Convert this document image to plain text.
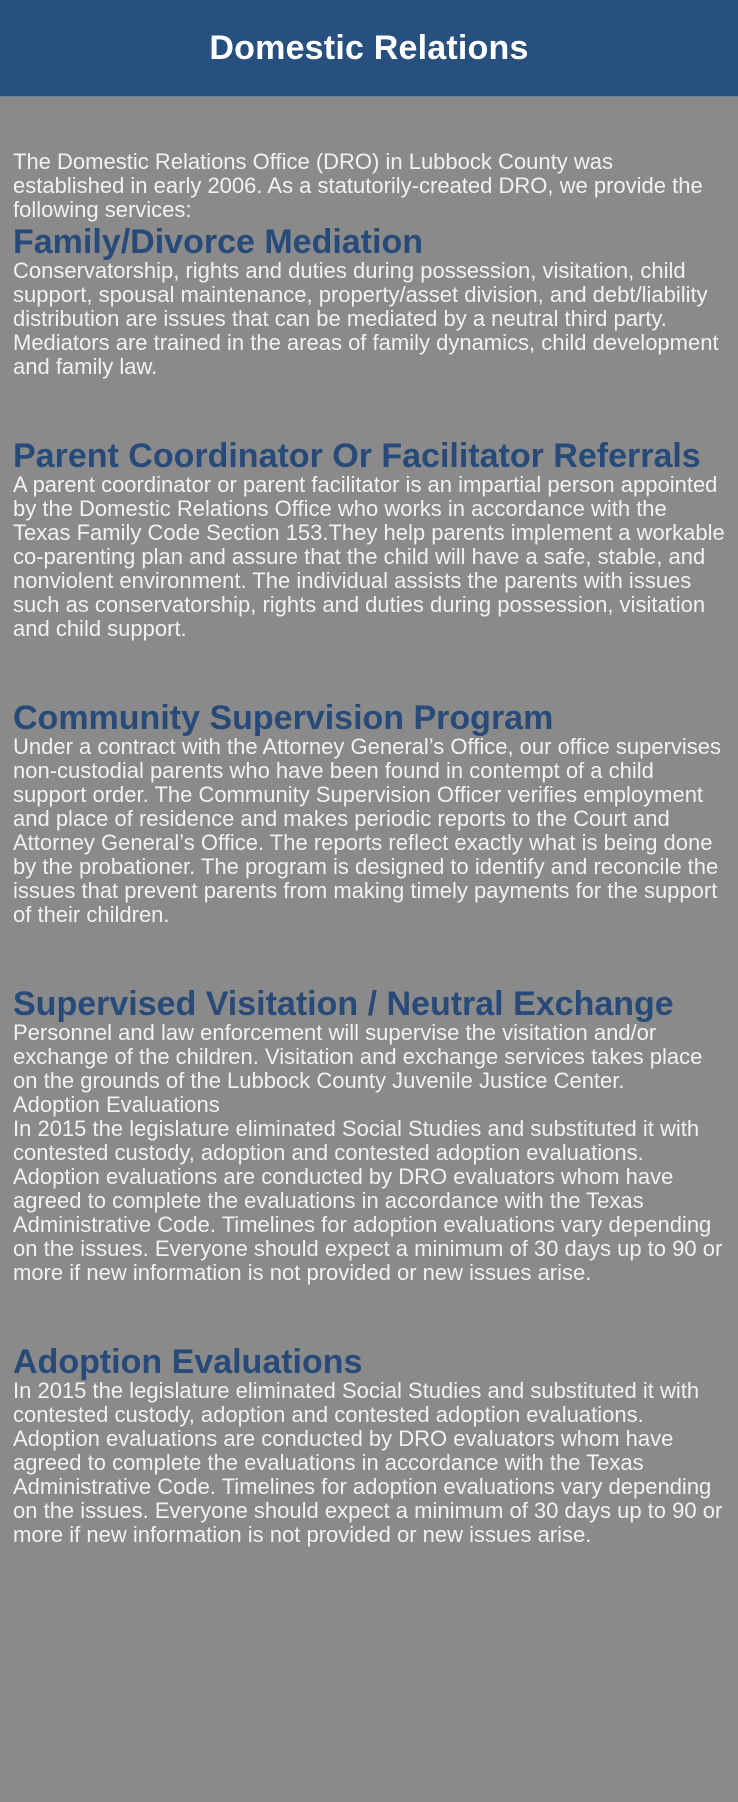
Domestic Relations

The Domestic Relations Office (DRO) in Lubbock County was established in early 2006. As a statutorily-created DRO, we provide the following services:

Family/Divorce Mediation

Conservatorship, rights and duties during possession, visitation, child support, spousal maintenance, property/asset division, and debt/liability distribution are issues that can be mediated by a neutral third party. Mediators are trained in the areas of family dynamics, child development and family law.

Parent Coordinator Or Facilitator Referrals

A parent coordinator or parent facilitator is an impartial person appointed by the Domestic Relations Office who works in accordance with the Texas Family Code Section 153.They help parents implement a workable co-parenting plan and assure that the child will have a safe, stable, and nonviolent environment. The individual assists the parents with issues such as conservatorship, rights and duties during possession, visitation and child support.

Community Supervision Program

Under a contract with the Attorney General’s Office, our office supervises non-custodial parents who have been found in contempt of a child support order. The Community Supervision Officer verifies employment and place of residence and makes periodic reports to the Court and Attorney General’s Office. The reports reflect exactly what is being done by the probationer. The program is designed to identify and reconcile the issues that prevent parents from making timely payments for the support of their children.

Supervised Visitation / Neutral Exchange

Personnel and law enforcement will supervise the visitation and/or exchange of the children. Visitation and exchange services takes place on the grounds of the Lubbock County Juvenile Justice Center.

Adoption Evaluations

In 2015 the legislature eliminated Social Studies and substituted it with contested custody, adoption and contested adoption evaluations. Adoption evaluations are conducted by DRO evaluators whom have agreed to complete the evaluations in accordance with the Texas Administrative Code. Timelines for adoption evaluations vary depending on the issues. Everyone should expect a minimum of 30 days up to 90 or more if new information is not provided or new issues arise.

Adoption Evaluations

In 2015 the legislature eliminated Social Studies and substituted it with contested custody, adoption and contested adoption evaluations. Adoption evaluations are conducted by DRO evaluators whom have agreed to complete the evaluations in accordance with the Texas Administrative Code. Timelines for adoption evaluations vary depending on the issues. Everyone should expect a minimum of 30 days up to 90 or more if new information is not provided or new issues arise.
